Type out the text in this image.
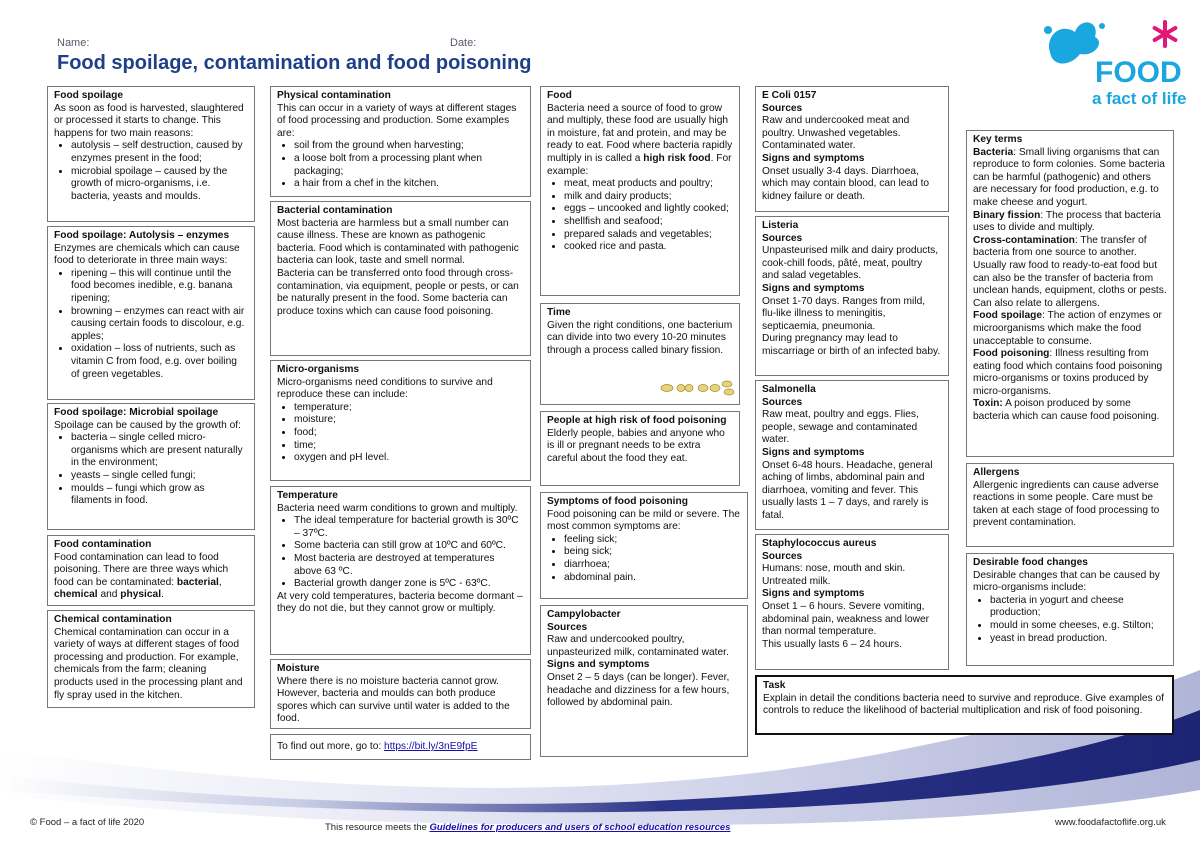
Name:	Date:
Food spoilage, contamination and food poisoning	FOOD
a fact of life
Food spoilage

As soon as food is harvested, slaughtered or processed it starts to change. This happens for two main reasons:

• autolysis – self destruction, caused by enzymes present in the food;
• microbial spoilage – caused by the growth of micro-organisms, i.e. bacteria, yeasts and moulds.
Food spoilage: Autolysis – enzymes

Enzymes are chemicals which can cause food to deteriorate in three main ways:

• ripening – this will continue until the food becomes inedible, e.g. banana ripening;
• browning – enzymes can react with air causing certain foods to discolour, e.g. apples;
• oxidation – loss of nutrients, such as vitamin C from food, e.g. over boiling of green vegetables.
Food spoilage: Microbial spoilage

Spoilage can be caused by the growth of:

• bacteria – single celled micro-organisms which are present naturally in the environment;
• yeasts – single celled fungi;
• moulds – fungi which grow as filaments in food.
Food contamination

Food contamination can lead to food poisoning. There are three ways which food can be contaminated: bacterial, chemical and physical.

Chemical contamination

Chemical contamination can occur in a variety of ways at different stages of food processing and production. For example, chemicals from the farm; cleaning products used in the processing plant and fly spray used in the kitchen.

Physical contamination

This can occur in a variety of ways at different stages of food processing and production. Some examples are:

• soil from the ground when harvesting;
• a loose bolt from a processing plant when packaging;
• a hair from a chef in the kitchen.
Bacterial contamination

Most bacteria are harmless but a small number can cause illness. These are known as pathogenic bacteria. Food which is contaminated with pathogenic bacteria can look, taste and smell normal.

Bacteria can be transferred onto food through cross-contamination, via equipment, people or pests, or can be naturally present in the food. Some bacteria can produce toxins which can cause food poisoning.

Micro-organisms

Micro-organisms need conditions to survive and reproduce these can include:

• temperature;
• moisture;
• food;
• time;
• oxygen and pH level.
Temperature

Bacteria need warm conditions to grown and multiply.

• The ideal temperature for bacterial growth is 30ºC – 37ºC.
• Some bacteria can still grow at 10ºC and 60ºC.
• Most bacteria are destroyed at temperatures above 63 ºC.
• Bacterial growth danger zone is 5ºC - 63ºC.

At very cold temperatures, bacteria become dormant – they do not die, but they cannot grow or multiply.

Moisture

Where there is no moisture bacteria cannot grow. However, bacteria and moulds can both produce spores which can survive until water is added to the food.

To find out more, go to: https://bit.ly/3nE9fpE
Food

Bacteria need a source of food to grow and multiply, these food are usually high in moisture, fat and protein, and may be ready to eat. Food where bacteria rapidly multiply in is called a high risk food. For example:

• meat, meat products and poultry;
• milk and dairy products;
• eggs – uncooked and lightly cooked;
• shellfish and seafood;
• prepared salads and vegetables;
• cooked rice and pasta.
Time

Given the right conditions, one bacterium can divide into two every 10-20 minutes through a process called binary fission.

People at high risk of food poisoning

Elderly people, babies and anyone who is ill or pregnant needs to be extra careful about the food they eat.

Symptoms of food poisoning

Food poisoning can be mild or severe. The most common symptoms are:

• feeling sick;
• being sick;
• diarrhoea;
• abdominal pain.
Campylobacter
Sources

Raw and undercooked poultry, unpasteurized milk, contaminated water.

Signs and symptoms

Onset 2 – 5 days (can be longer). Fever, headache and dizziness for a few hours, followed by abdominal pain.

E Coli 0157
Sources

Raw and undercooked meat and poultry. Unwashed vegetables. Contaminated water.

Signs and symptoms

Onset usually 3-4 days. Diarrhoea, which may contain blood, can lead to kidney failure or death.

Listeria
Sources

Unpasteurised milk and dairy products, cook-chill foods, pâté, meat, poultry and salad vegetables.

Signs and symptoms

Onset 1-70 days. Ranges from mild, flu-like illness to meningitis, septicaemia, pneumonia.

During pregnancy may lead to miscarriage or birth of an infected baby.

Salmonella
Sources

Raw meat, poultry and eggs. Flies, people, sewage and contaminated water.

Signs and symptoms

Onset 6-48 hours. Headache, general aching of limbs, abdominal pain and diarrhoea, vomiting and fever. This usually lasts 1 – 7 days, and rarely is fatal.

Staphylococcus aureus
Sources

Humans: nose, mouth and skin. Untreated milk.

Signs and symptoms

Onset 1 – 6 hours. Severe vomiting, abdominal pain, weakness and lower than normal temperature.

This usually lasts 6 – 24 hours.

Key terms

Bacteria: Small living organisms that can reproduce to form colonies. Some bacteria can be harmful (pathogenic) and others are necessary for food production, e.g. to make cheese and yogurt.

Binary fission: The process that bacteria uses to divide and multiply.

Cross-contamination: The transfer of bacteria from one source to another. Usually raw food to ready-to-eat food but can also be the transfer of bacteria from unclean hands, equipment, cloths or pests. Can also relate to allergens.

Food spoilage: The action of enzymes or microorganisms which make the food unacceptable to consume.

Food poisoning: Illness resulting from eating food which contains food poisoning micro-organisms or toxins produced by micro-organisms.

Toxin: A poison produced by some bacteria which can cause food poisoning.

Allergens

Allergenic ingredients can cause adverse reactions in some people. Care must be taken at each stage of food processing to prevent contamination.

Desirable food changes

Desirable changes that can be caused by micro-organisms include:

• bacteria in yogurt and cheese production;
• mould in some cheeses, e.g. Stilton;
• yeast in bread production.
Task

Explain in detail the conditions bacteria need to survive and reproduce. Give examples of controls to reduce the likelihood of bacterial multiplication and risk of food poisoning.

© Food – a fact of life 2020	This resource meets the Guidelines for producers and users of school education resources	www.foodafactoflife.org.uk
